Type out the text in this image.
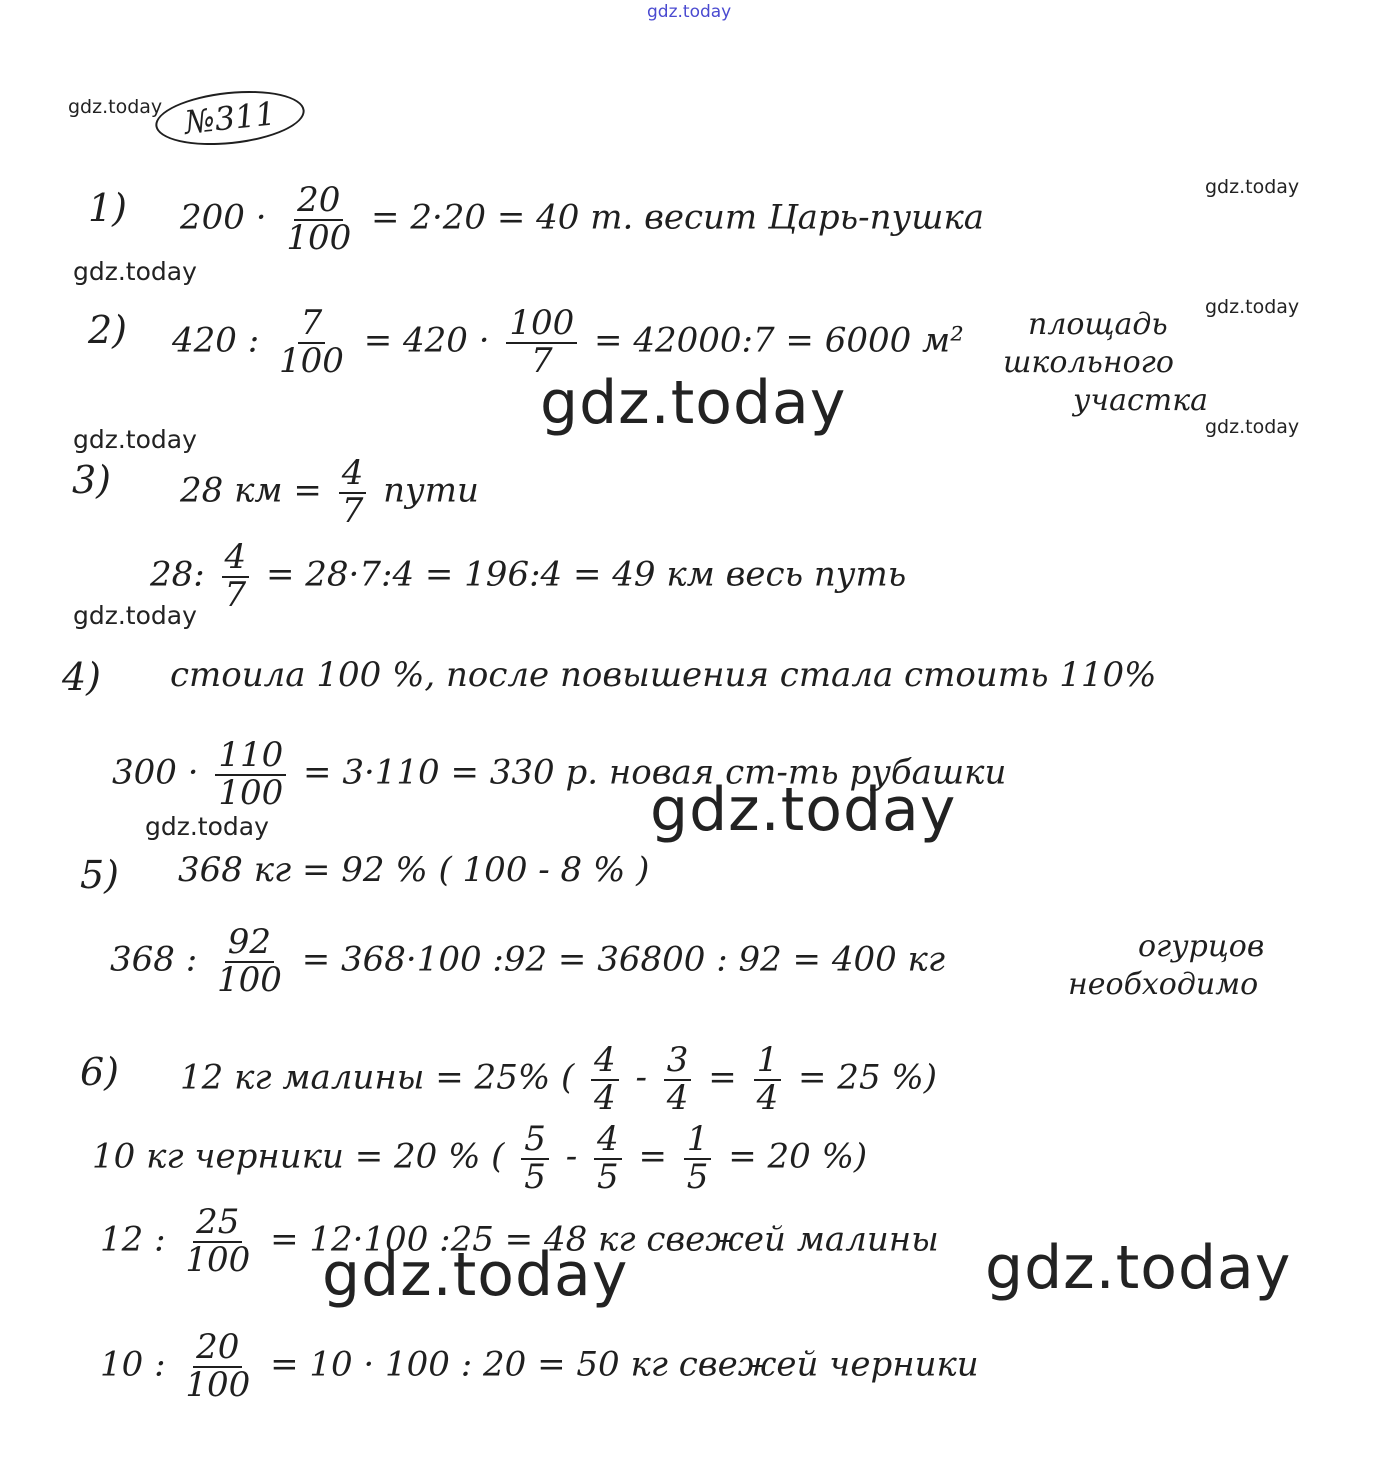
gdz.today
gdz.today
gdz.today
gdz.today
gdz.today
gdz.today
gdz.today	gdz.today
gdz.today
gdz.today
gdz.today
gdz.today	gdz.today
№311
1) $200 \cdot \frac{20}{100} = 2\cdot 20 = 40$ т. весит Царь-пушка
2) 420 : $\frac{7}{100} = 420 \cdot \frac{100}{7}$ = 42000:7 = 6000 м² площадь
школьного
участка
3) 28 км = $\frac{4}{7}$ пути
28: $\frac{4}{7}$ = 28·7:4 = 196:4 = 49 км весь путь
4) стоила 100 %, после повышения стала стоить 110%
$300 \cdot \frac{110}{100} = 3\cdot 110 = 330$ р. новая ст-ть рубашки
5) 368 кг = 92 % ( 100 - 8 % )
368 : $\frac{92}{100} = 368\cdot 100$ :92 = 36800 : 92 = 400 кг	огурцов
необходимо
6) 12 кг малины = 25% ( $\frac{4}{4} - \frac{3}{4} = \frac{1}{4} = 25$ %)
10 кг черники = 20 % ( $\frac{5}{5} - \frac{4}{5} = \frac{1}{5} = 20$ %)
12 : $\frac{25}{100} = 12\cdot 100$ :25 = 48 кг свежей малины
10 : $\frac{20}{100} = 10 \cdot 100$ : 20 = 50 кг свежей черники
